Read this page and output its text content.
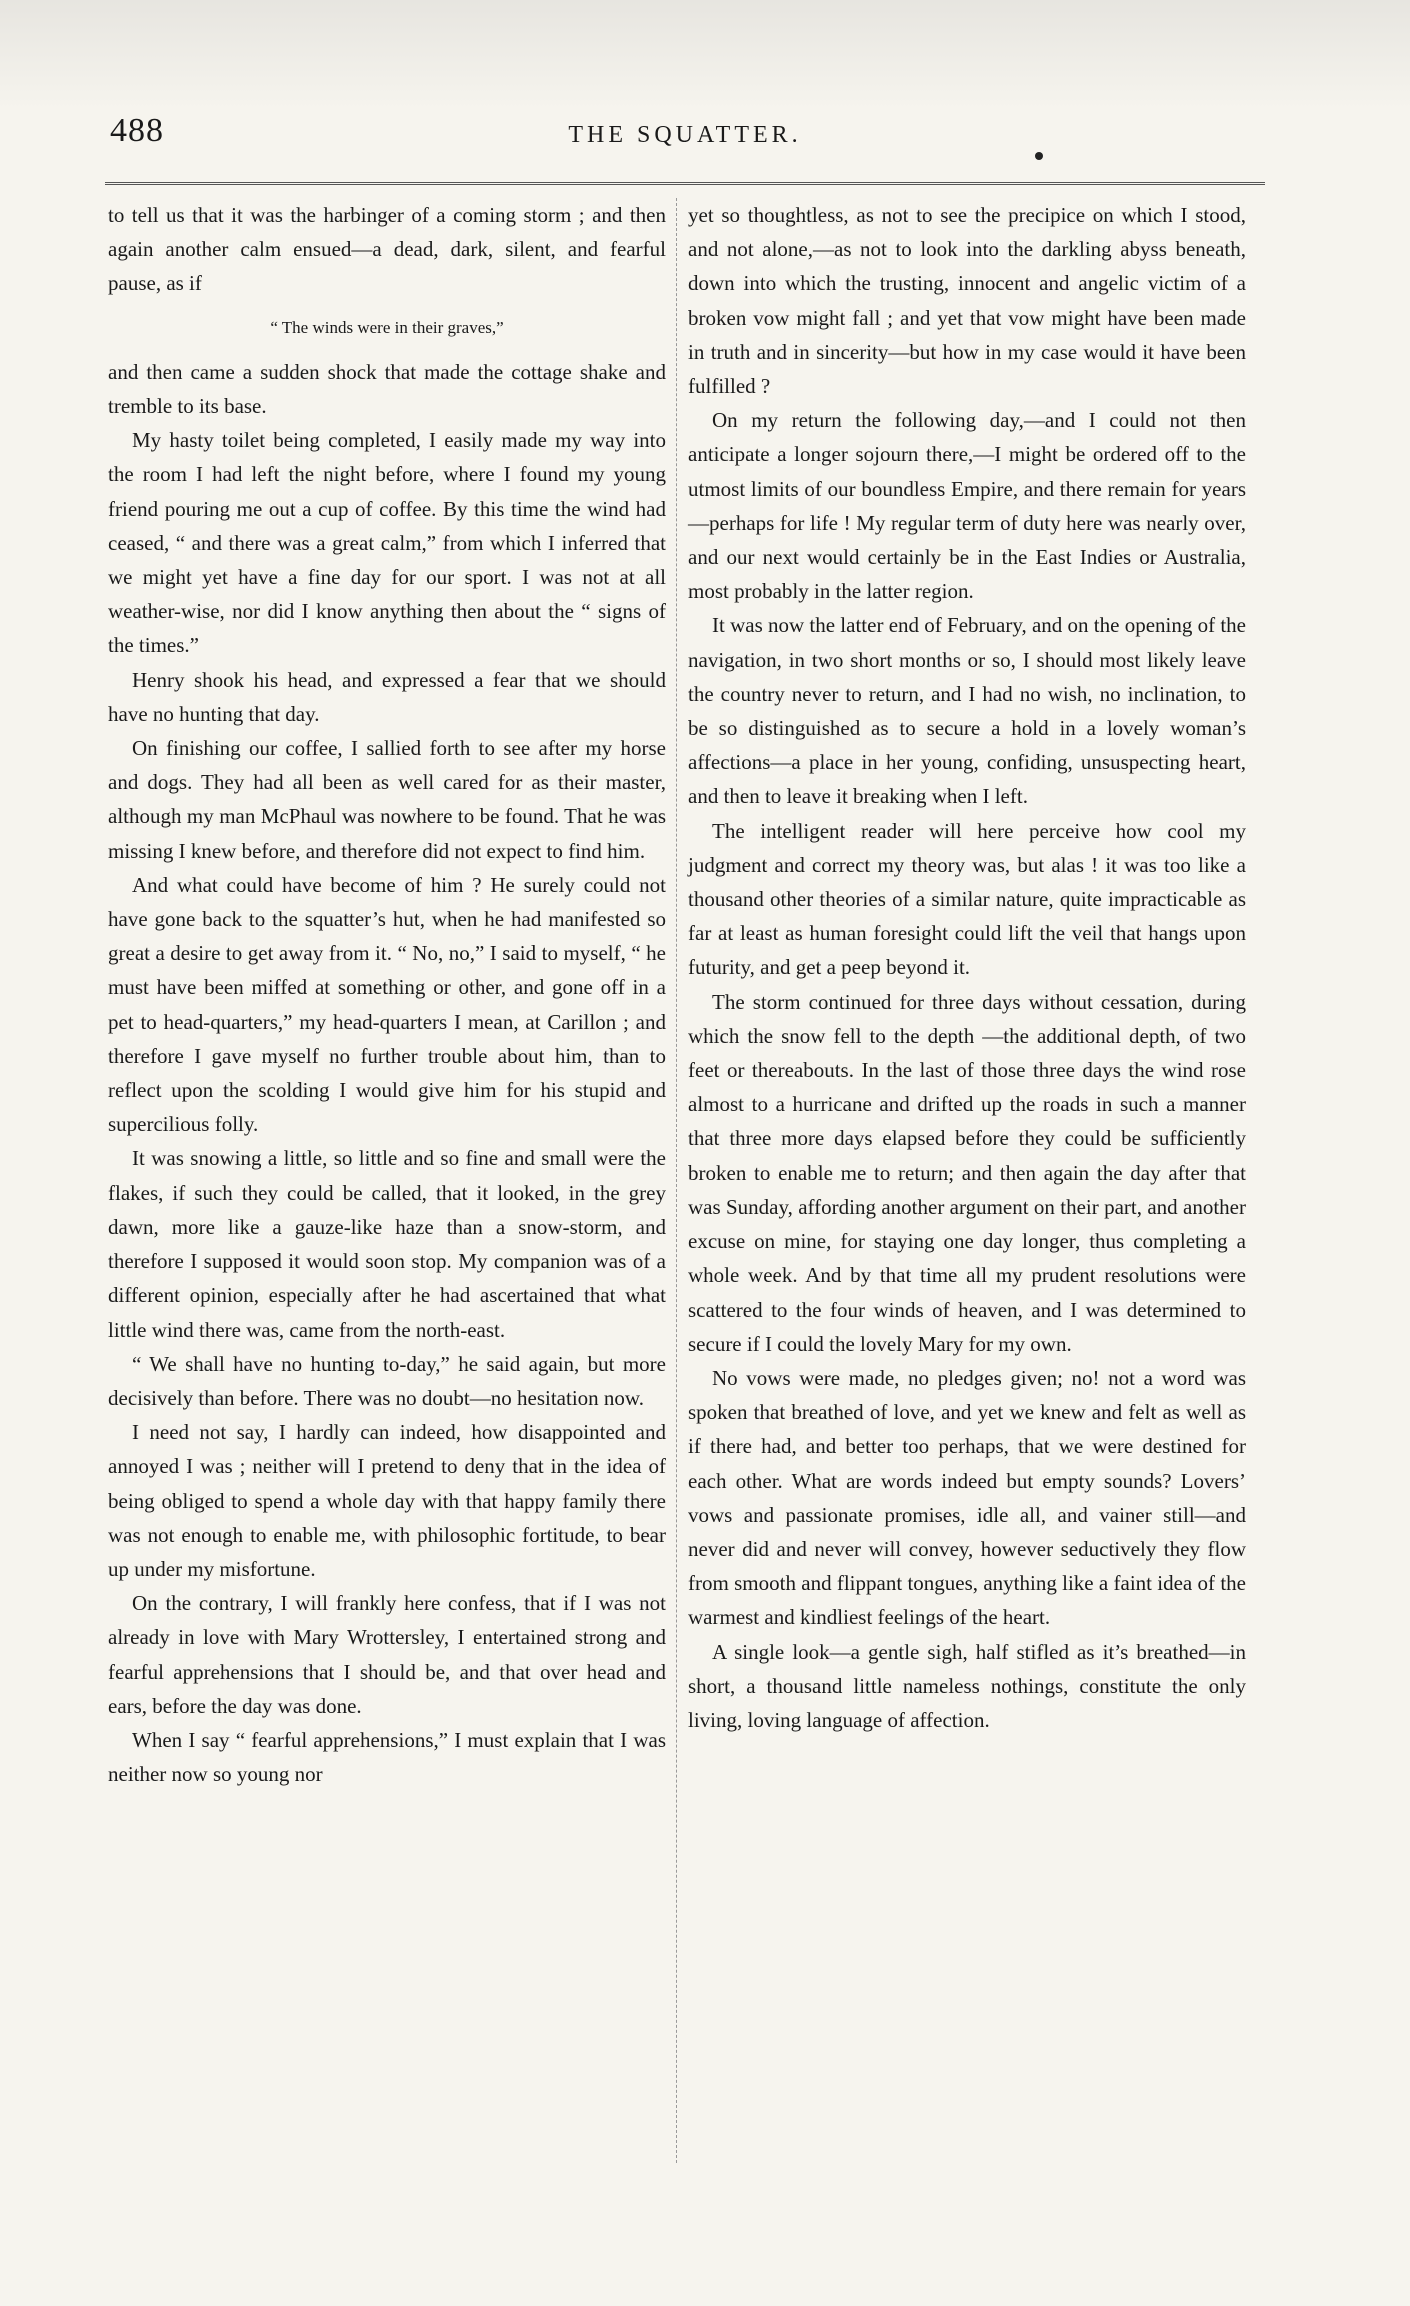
488	THE SQUATTER.

to tell us that it was the harbinger of a coming storm ; and then again another calm ensued—a dead, dark, silent, and fearful pause, as if

“ The winds were in their graves,”

and then came a sudden shock that made the cottage shake and tremble to its base.

My hasty toilet being completed, I easily made my way into the room I had left the night before, where I found my young friend pouring me out a cup of coffee. By this time the wind had ceased, “ and there was a great calm,” from which I inferred that we might yet have a fine day for our sport. I was not at all weather-wise, nor did I know anything then about the “ signs of the times.”

Henry shook his head, and expressed a fear that we should have no hunting that day.

On finishing our coffee, I sallied forth to see after my horse and dogs. They had all been as well cared for as their master, although my man McPhaul was nowhere to be found. That he was missing I knew before, and therefore did not expect to find him.

And what could have become of him ? He surely could not have gone back to the squatter’s hut, when he had manifested so great a desire to get away from it. “ No, no,” I said to myself, “ he must have been miffed at something or other, and gone off in a pet to head-quarters,” my head-quarters I mean, at Carillon ; and therefore I gave myself no further trouble about him, than to reflect upon the scolding I would give him for his stupid and supercilious folly.

It was snowing a little, so little and so fine and small were the flakes, if such they could be called, that it looked, in the grey dawn, more like a gauze-like haze than a snow-storm, and therefore I supposed it would soon stop. My companion was of a different opinion, especially after he had ascertained that what little wind there was, came from the north-east.

“ We shall have no hunting to-day,” he said again, but more decisively than before. There was no doubt—no hesitation now.

I need not say, I hardly can indeed, how disappointed and annoyed I was ; neither will I pretend to deny that in the idea of being obliged to spend a whole day with that happy family there was not enough to enable me, with philosophic fortitude, to bear up under my misfortune.

On the contrary, I will frankly here confess, that if I was not already in love with Mary Wrottersley, I entertained strong and fearful apprehensions that I should be, and that over head and ears, before the day was done.

When I say “ fearful apprehensions,” I must explain that I was neither now so young nor

yet so thoughtless, as not to see the precipice on which I stood, and not alone,—as not to look into the darkling abyss beneath, down into which the trusting, innocent and angelic victim of a broken vow might fall ; and yet that vow might have been made in truth and in sincerity—but how in my case would it have been fulfilled ?

On my return the following day,—and I could not then anticipate a longer sojourn there,—I might be ordered off to the utmost limits of our boundless Empire, and there remain for years—perhaps for life ! My regular term of duty here was nearly over, and our next would certainly be in the East Indies or Australia, most probably in the latter region.

It was now the latter end of February, and on the opening of the navigation, in two short months or so, I should most likely leave the country never to return, and I had no wish, no inclination, to be so distinguished as to secure a hold in a lovely woman’s affections—a place in her young, confiding, unsuspecting heart, and then to leave it breaking when I left.

The intelligent reader will here perceive how cool my judgment and correct my theory was, but alas ! it was too like a thousand other theories of a similar nature, quite impracticable as far at least as human foresight could lift the veil that hangs upon futurity, and get a peep beyond it.

The storm continued for three days without cessation, during which the snow fell to the depth —the additional depth, of two feet or thereabouts. In the last of those three days the wind rose almost to a hurricane and drifted up the roads in such a manner that three more days elapsed before they could be sufficiently broken to enable me to return; and then again the day after that was Sunday, affording another argument on their part, and another excuse on mine, for staying one day longer, thus completing a whole week. And by that time all my prudent resolutions were scattered to the four winds of heaven, and I was determined to secure if I could the lovely Mary for my own.

No vows were made, no pledges given; no! not a word was spoken that breathed of love, and yet we knew and felt as well as if there had, and better too perhaps, that we were destined for each other. What are words indeed but empty sounds? Lovers’ vows and passionate promises, idle all, and vainer still—and never did and never will convey, however seductively they flow from smooth and flippant tongues, anything like a faint idea of the warmest and kindliest feelings of the heart.

A single look—a gentle sigh, half stifled as it’s breathed—in short, a thousand little nameless nothings, constitute the only living, loving language of affection.
